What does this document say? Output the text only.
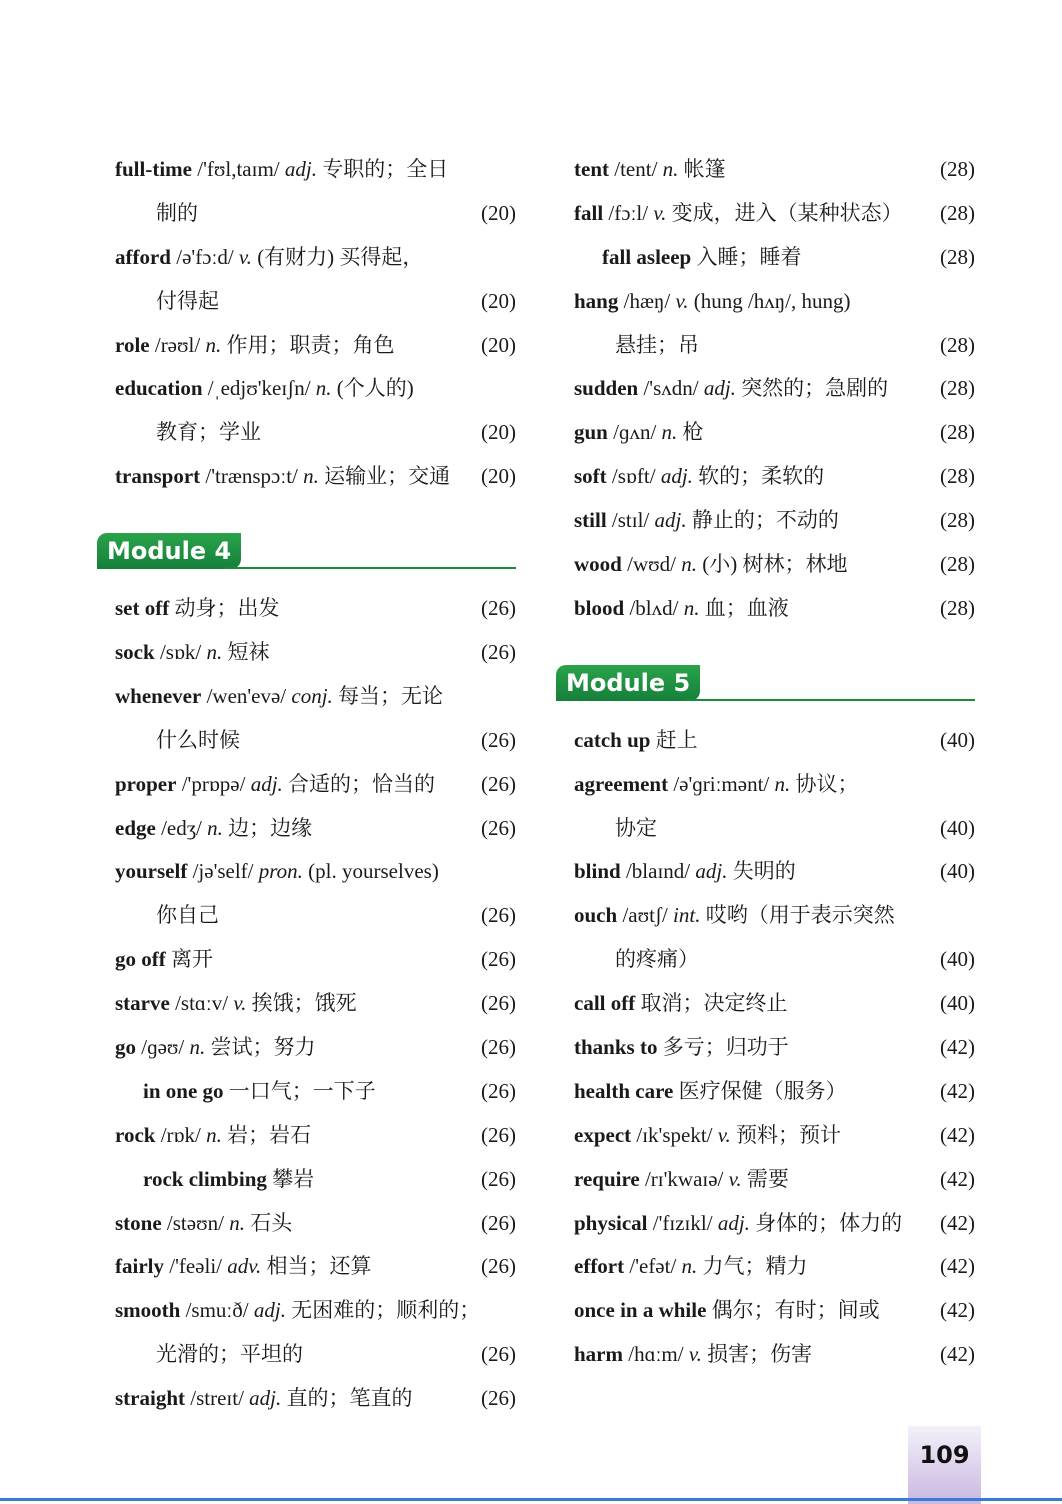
full-time /'fʊl,taɪm/ adj. 专职的；全日
制的	(20)
afford /ə'fɔːd/ v. (有财力) 买得起，
付得起	(20)
role /rəʊl/ n. 作用；职责；角色	(20)
education /ˌedjʊ'keɪʃn/ n. (个人的)
教育；学业	(20)
transport /'trænspɔːt/ n. 运输业；交通 (20)
Module 4
set off 动身；出发	(26)
sock /sɒk/ n. 短袜	(26)
whenever /wen'evə/ conj. 每当；无论
什么时候	(26)
proper /'prɒpə/ adj. 合适的；恰当的 (26)
edge /edʒ/ n. 边；边缘	(26)
yourself /jə'self/ pron. (pl. yourselves)
你自己	(26)
go off 离开	(26)
starve /stɑːv/ v. 挨饿；饿死	(26)
go /ɡəʊ/ n. 尝试；努力	(26)
in one go 一口气；一下子	(26)
rock /rɒk/ n. 岩；岩石	(26)
rock climbing 攀岩	(26)
stone /stəʊn/ n. 石头	(26)
fairly /'feəli/ adv. 相当；还算	(26)
smooth /smuːð/ adj. 无困难的；顺利的；
光滑的；平坦的	(26)
straight /streɪt/ adj. 直的；笔直的	(26)
tent /tent/ n. 帐篷	(28)
fall /fɔːl/ v. 变成，进入（某种状态） (28)
fall asleep 入睡；睡着	(28)
hang /hæŋ/ v. (hung /hʌŋ/, hung)
悬挂；吊	(28)
sudden /'sʌdn/ adj. 突然的；急剧的 (28)
gun /ɡʌn/ n. 枪	(28)
soft /sɒft/ adj. 软的；柔软的	(28)
still /stɪl/ adj. 静止的；不动的	(28)
wood /wʊd/ n. (小) 树林；林地	(28)
blood /blʌd/ n. 血；血液	(28)
Module 5
catch up 赶上	(40)
agreement /ə'ɡriːmənt/ n. 协议；
协定	(40)
blind /blaɪnd/ adj. 失明的	(40)
ouch /aʊtʃ/ int. 哎哟（用于表示突然
的疼痛）	(40)
call off 取消；决定终止	(40)
thanks to 多亏；归功于	(42)
health care 医疗保健（服务）	(42)
expect /ɪk'spekt/ v. 预料；预计	(42)
require /rɪ'kwaɪə/ v. 需要	(42)
physical /'fɪzɪkl/ adj. 身体的；体力的 (42)
effort /'efət/ n. 力气；精力	(42)
once in a while 偶尔；有时；间或	(42)
harm /hɑːm/ v. 损害；伤害	(42)
109
